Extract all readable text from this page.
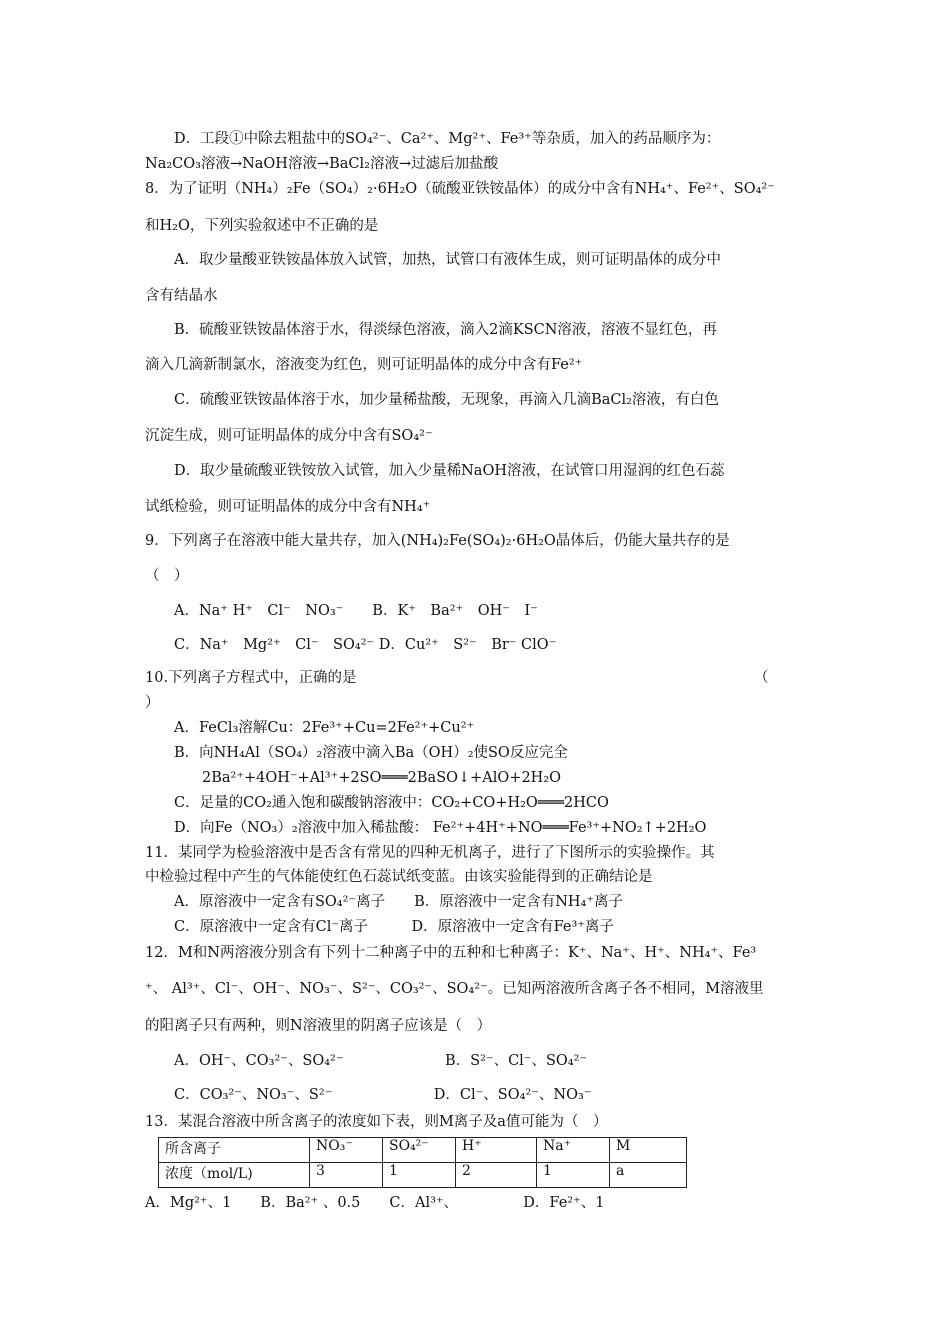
D．工段①中除去粗盐中的SO₄²⁻、Ca²⁺、Mg²⁺、Fe³⁺等杂质，加入的药品顺序为：
Na₂CO₃溶液→NaOH溶液→BaCl₂溶液→过滤后加盐酸
8．为了证明（NH₄）₂Fe（SO₄）₂·6H₂O（硫酸亚铁铵晶体）的成分中含有NH₄⁺、Fe²⁺、SO₄²⁻
和H₂O，下列实验叙述中不正确的是
A．取少量酸亚铁铵晶体放入试管，加热，试管口有液体生成，则可证明晶体的成分中
含有结晶水
B．硫酸亚铁铵晶体溶于水，得淡绿色溶液，滴入2滴KSCN溶液，溶液不显红色，再
滴入几滴新制氯水，溶液变为红色，则可证明晶体的成分中含有Fe²⁺
C．硫酸亚铁铵晶体溶于水，加少量稀盐酸，无现象，再滴入几滴BaCl₂溶液，有白色
沉淀生成，则可证明晶体的成分中含有SO₄²⁻
D．取少量硫酸亚铁铵放入试管，加入少量稀NaOH溶液，在试管口用湿润的红色石蕊
试纸检验，则可证明晶体的成分中含有NH₄⁺
9．下列离子在溶液中能大量共存，加入(NH₄)₂Fe(SO₄)₂·6H₂O晶体后，仍能大量共存的是
（　）
A．Na⁺ H⁺　Cl⁻　NO₃⁻　　B．K⁺　Ba²⁺　OH⁻　I⁻
C．Na⁺　Mg²⁺　Cl⁻　SO₄²⁻ D．Cu²⁺　S²⁻　Br⁻ ClO⁻
10.下列离子方程式中，正确的是	（
）
A．FeCl₃溶解Cu：2Fe³⁺+Cu=2Fe²⁺+Cu²⁺
B．向NH₄Al（SO₄）₂溶液中滴入Ba（OH）₂使SO反应完全
2Ba²⁺+4OH⁻+Al³⁺+2SO═══2BaSO↓+AlO+2H₂O
C．足量的CO₂通入饱和碳酸钠溶液中：CO₂+CO+H₂O═══2HCO
D．向Fe（NO₃）₂溶液中加入稀盐酸： Fe²⁺+4H⁺+NO═══Fe³⁺+NO₂↑+2H₂O
11．某同学为检验溶液中是否含有常见的四种无机离子，进行了下图所示的实验操作。其
中检验过程中产生的气体能使红色石蕊试纸变蓝。由该实验能得到的正确结论是
A．原溶液中一定含有SO₄²⁻离子　　B．原溶液中一定含有NH₄⁺离子
C．原溶液中一定含有Cl⁻离子　　　D．原溶液中一定含有Fe³⁺离子
12．M和N两溶液分别含有下列十二种离子中的五种和七种离子：K⁺、Na⁺、H⁺、NH₄⁺、Fe³
⁺、 Al³⁺、Cl⁻、OH⁻、NO₃⁻、S²⁻、CO₃²⁻、SO₄²⁻。已知两溶液所含离子各不相同，M溶液里
的阳离子只有两种，则N溶液里的阴离子应该是（　）
A．OH⁻、CO₃²⁻、SO₄²⁻　　　　　　　B．S²⁻、Cl⁻、SO₄²⁻
C．CO₃²⁻、NO₃⁻、S²⁻　　　　　　　D．Cl⁻、SO₄²⁻、NO₃⁻
13．某混合溶液中所含离子的浓度如下表，则M离子及a值可能为（　）
A．Mg²⁺、1　　B．Ba²⁺ 、0.5　　C．Al³⁺、　　　　　D．Fe²⁺、1
所含离子	NO₃⁻	SO₄²⁻	H⁺	Na⁺	M
浓度（mol/L)	3	1	2	1	a
